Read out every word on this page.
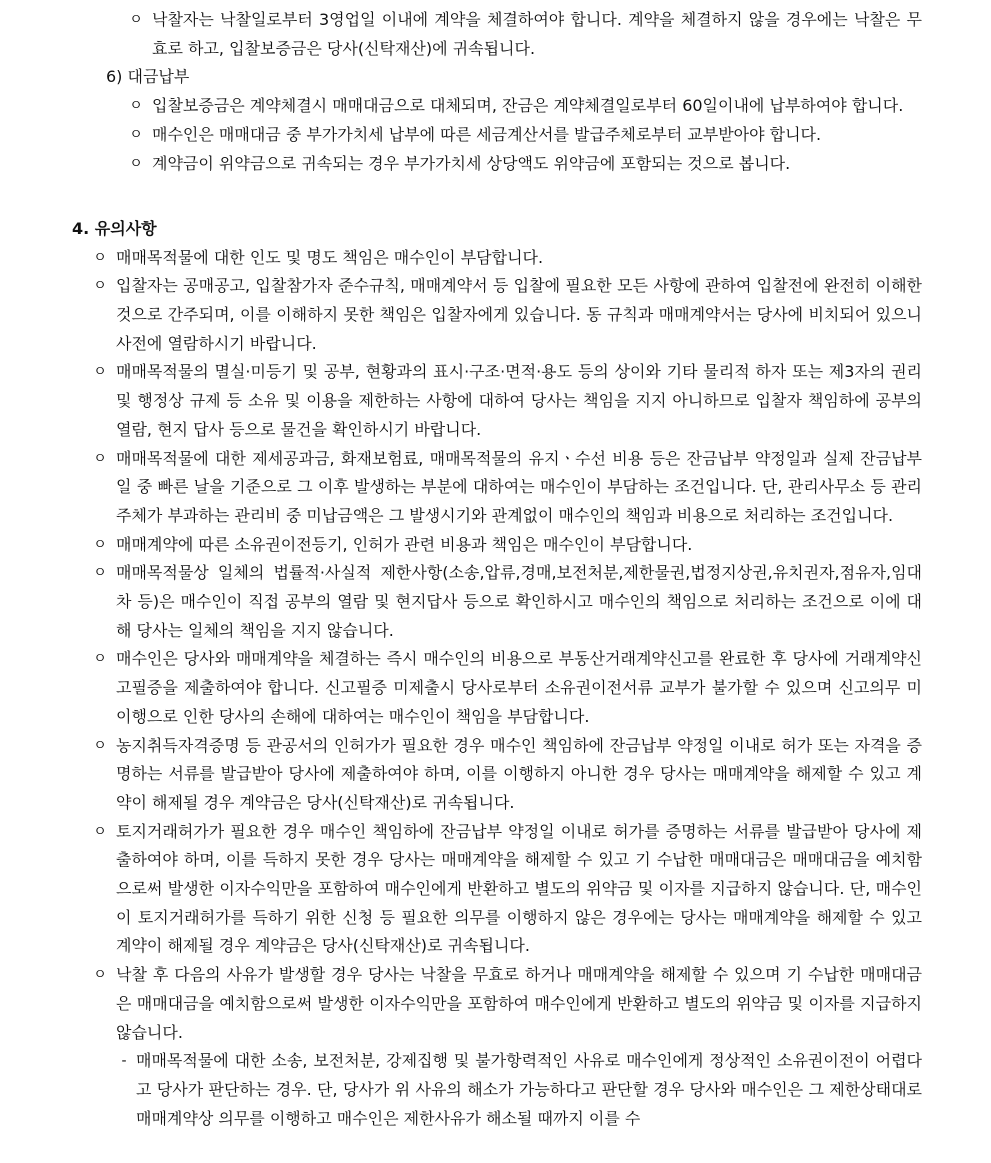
ㅇ 낙찰자는 낙찰일로부터 3영업일 이내에 계약을 체결하여야 합니다. 계약을 체결하지 않을 경우에는 낙찰은 무효로 하고, 입찰보증금은 당사(신탁재산)에 귀속됩니다.
6) 대금납부
ㅇ 입찰보증금은 계약체결시 매매대금으로 대체되며, 잔금은 계약체결일로부터 60일이내에 납부하여야 합니다.
ㅇ 매수인은 매매대금 중 부가가치세 납부에 따른 세금계산서를 발급주체로부터 교부받아야 합니다.
ㅇ 계약금이 위약금으로 귀속되는 경우 부가가치세 상당액도 위약금에 포함되는 것으로 봅니다.
4. 유의사항
ㅇ 매매목적물에 대한 인도 및 명도 책임은 매수인이 부담합니다.
ㅇ 입찰자는 공매공고, 입찰참가자 준수규칙, 매매계약서 등 입찰에 필요한 모든 사항에 관하여 입찰전에 완전히 이해한 것으로 간주되며, 이를 이해하지 못한 책임은 입찰자에게 있습니다. 동 규칙과 매매계약서는 당사에 비치되어 있으니 사전에 열람하시기 바랍니다.
ㅇ 매매목적물의 멸실·미등기 및 공부, 현황과의 표시·구조·면적·용도 등의 상이와 기타 물리적 하자 또는 제3자의 권리 및 행정상 규제 등 소유 및 이용을 제한하는 사항에 대하여 당사는 책임을 지지 아니하므로 입찰자 책임하에 공부의 열람, 현지 답사 등으로 물건을 확인하시기 바랍니다.
ㅇ 매매목적물에 대한 제세공과금, 화재보험료, 매매목적물의 유지ㆍ수선 비용 등은 잔금납부 약정일과 실제 잔금납부일 중 빠른 날을 기준으로 그 이후 발생하는 부분에 대하여는 매수인이 부담하는 조건입니다. 단, 관리사무소 등 관리주체가 부과하는 관리비 중 미납금액은 그 발생시기와 관계없이 매수인의 책임과 비용으로 처리하는 조건입니다.
ㅇ 매매계약에 따른 소유권이전등기, 인허가 관련 비용과 책임은 매수인이 부담합니다.
ㅇ 매매목적물상 일체의 법률적·사실적 제한사항(소송,압류,경매,보전처분,제한물권,법정지상권,유치권자,점유자,임대차 등)은 매수인이 직접 공부의 열람 및 현지답사 등으로 확인하시고 매수인의 책임으로 처리하는 조건으로 이에 대해 당사는 일체의 책임을 지지 않습니다.
ㅇ 매수인은 당사와 매매계약을 체결하는 즉시 매수인의 비용으로 부동산거래계약신고를 완료한 후 당사에 거래계약신고필증을 제출하여야 합니다. 신고필증 미제출시 당사로부터 소유권이전서류 교부가 불가할 수 있으며 신고의무 미이행으로 인한 당사의 손해에 대하여는 매수인이 책임을 부담합니다.
ㅇ 농지취득자격증명 등 관공서의 인허가가 필요한 경우 매수인 책임하에 잔금납부 약정일 이내로 허가 또는 자격을 증명하는 서류를 발급받아 당사에 제출하여야 하며, 이를 이행하지 아니한 경우 당사는 매매계약을 해제할 수 있고 계약이 해제될 경우 계약금은 당사(신탁재산)로 귀속됩니다.
ㅇ 토지거래허가가 필요한 경우 매수인 책임하에 잔금납부 약정일 이내로 허가를 증명하는 서류를 발급받아 당사에 제출하여야 하며, 이를 득하지 못한 경우 당사는 매매계약을 해제할 수 있고 기 수납한 매매대금은 매매대금을 예치함으로써 발생한 이자수익만을 포함하여 매수인에게 반환하고 별도의 위약금 및 이자를 지급하지 않습니다. 단, 매수인이 토지거래허가를 득하기 위한 신청 등 필요한 의무를 이행하지 않은 경우에는 당사는 매매계약을 해제할 수 있고 계약이 해제될 경우 계약금은 당사(신탁재산)로 귀속됩니다.
ㅇ 낙찰 후 다음의 사유가 발생할 경우 당사는 낙찰을 무효로 하거나 매매계약을 해제할 수 있으며 기 수납한 매매대금은 매매대금을 예치함으로써 발생한 이자수익만을 포함하여 매수인에게 반환하고 별도의 위약금 및 이자를 지급하지 않습니다.
- 매매목적물에 대한 소송, 보전처분, 강제집행 및 불가항력적인 사유로 매수인에게 정상적인 소유권이전이 어렵다고 당사가 판단하는 경우. 단, 당사가 위 사유의 해소가 가능하다고 판단할 경우 당사와 매수인은 그 제한상태대로 매매계약상 의무를 이행하고 매수인은 제한사유가 해소될 때까지 이를 수
